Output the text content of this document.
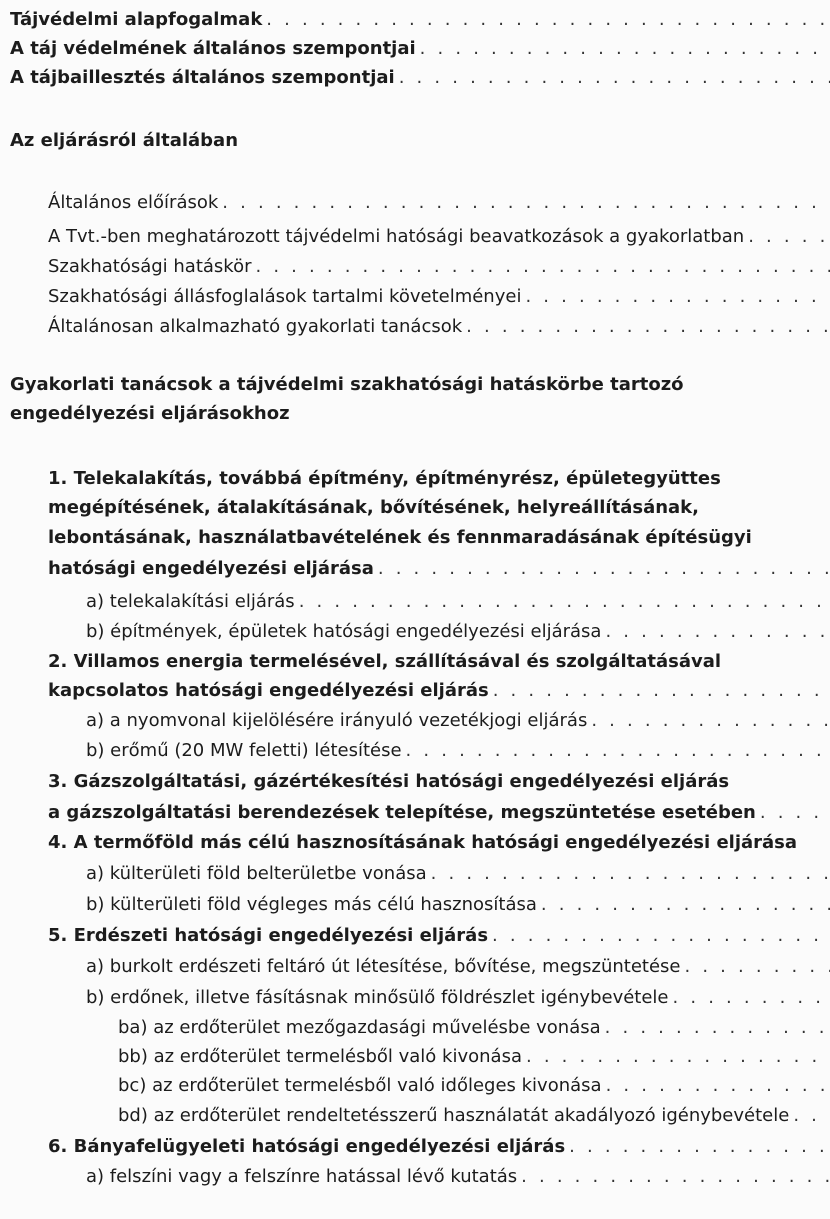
Tájvédelmi alapfogalmak
. . .
A táj védelmének általános szempontjai
. . .
A tájbaillesztés általános szempontjai
. . .
Az eljárásról általában
Általános előírások
. . .
A Tvt.-ben meghatározott tájvédelmi hatósági beavatkozások a gyakorlatban
. . .
Szakhatósági hatáskör
. . .
Szakhatósági állásfoglalások tartalmi követelményei
. . .
Általánosan alkalmazható gyakorlati tanácsok
. . .
Gyakorlati tanácsok a tájvédelmi szakhatósági hatáskörbe tartozó
engedélyezési eljárásokhoz
1. Telekalakítás, továbbá építmény, építményrész, épületegyüttes
megépítésének, átalakításának, bővítésének, helyreállításának,
lebontásának, használatbavételének és fennmaradásának építésügyi
hatósági engedélyezési eljárása
. . .
a) telekalakítási eljárás
. . .
b) építmények, épületek hatósági engedélyezési eljárása
. . .
2. Villamos energia termelésével, szállításával és szolgáltatásával
kapcsolatos hatósági engedélyezési eljárás
. . .
a) a nyomvonal kijelölésére irányuló vezetékjogi eljárás
. . .
b) erőmű (20 MW feletti) létesítése
. . .
3. Gázszolgáltatási, gázértékesítési hatósági engedélyezési eljárás
a gázszolgáltatási berendezések telepítése, megszüntetése esetében
. . .
4. A termőföld más célú hasznosításának hatósági engedélyezési eljárása
a) külterületi föld belterületbe vonása
. . .
b) külterületi föld végleges más célú hasznosítása
. . .
5. Erdészeti hatósági engedélyezési eljárás
. . .
a) burkolt erdészeti feltáró út létesítése, bővítése, megszüntetése
. . .
b) erdőnek, illetve fásításnak minősülő földrészlet igénybevétele
. . .
ba) az erdőterület mezőgazdasági művelésbe vonása
. . .
bb) az erdőterület termelésből való kivonása
. . .
bc) az erdőterület termelésből való időleges kivonása
. . .
bd) az erdőterület rendeltetésszerű használatát akadályozó igénybevétele
. . .
6. Bányafelügyeleti hatósági engedélyezési eljárás
. . .
a) felszíni vagy a felszínre hatással lévő kutatás
. . .
